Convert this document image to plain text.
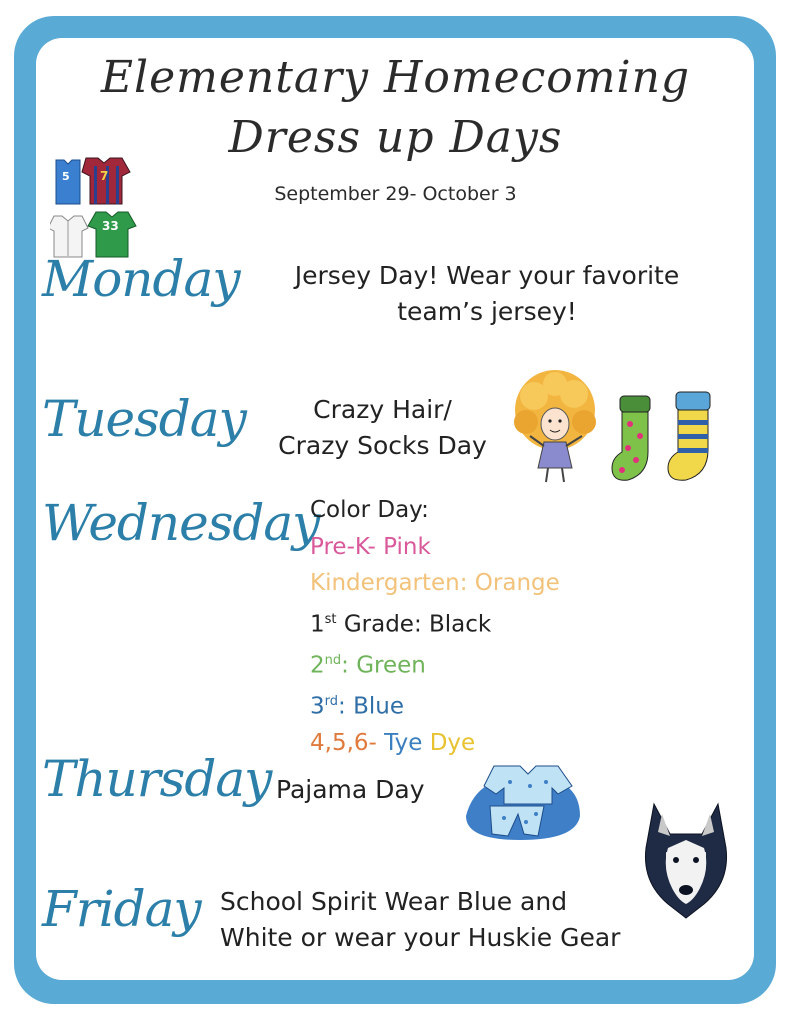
Elementary Homecoming
Dress up Days
September 29- October 3
5	7
33
Monday	Jersey Day! Wear your favorite
team’s jersey!
Tuesday	Crazy Hair/
Crazy Socks Day
Wednesday
Color Day:
Pre-K- Pink
Kindergarten: Orange
1st Grade: Black
2nd: Green
3rd: Blue
4,5,6- Tye Dye
Thursday Pajama Day
Friday School Spirit Wear Blue and
White or wear your Huskie Gear
